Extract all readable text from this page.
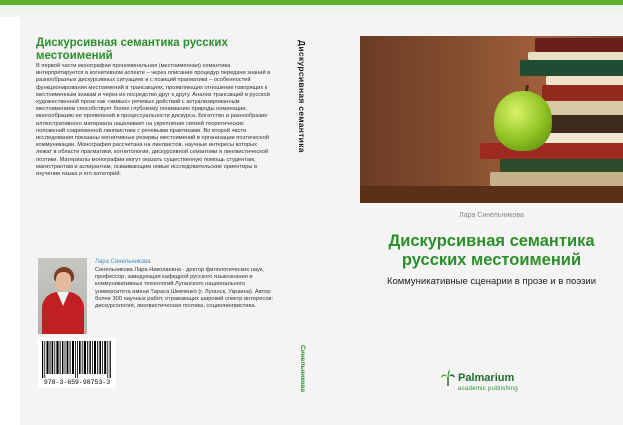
Дискурсивная семантика русских местоимений
В первой части монографии прономинальная (местоименная) семантика интерпретируется в когнитивном аспекте – через описание процедур передачи знаний в разнообразных дискурсивных ситуациях и с позиций прагматики – особенностей функционирования местоимений в трансакциях, проявляющих отношение говорящих к местоименным знакам и через их посредство друг к другу. Анализ трансакций в русской художественной прозе как «живых» речевых действий с актуализированным местоимением способствует более глубокому пониманию природы номинации, многообразию ее проявлений в процессуальности дискурса. Богатство и разнообразие иллюстративного материала нацеливает на укрепление связей теоретических положений современной лингвистики с речевыми практиками. Во второй части исследования показаны когнитивные резервы местоимений в организации поэтической коммуникации. Монография рассчитана на лингвистов, научные интересы которых лежат в области прагматики, когнитологии, дискурсивной семантики и лингвистической поэтики. Материалы монографии могут оказать существенную помощь студентам, магистрантам и аспирантам, осваивающим новые исследовательские ориентиры в изучении языка и его категорий.
Лара Синельникова
Синельникова Лара Николаевна - доктор филологических наук, профессор, заведующая кафедрой русского языкознания и коммуникативных технологий Луганского национального университета имени Тараса Шевченко (г. Луганск, Украина). Автор более 300 научных работ, отражающих широкий спектр интересов: дискурсология, лингвистическая поэтика, социолингвистика.
978-3-659-98753-3
Дискурсивная семантика
Синельникова
Лара Синельникова
Дискурсивная семантика русских местоимений
Коммуникативные сценарии в прозе и в поэзии
Palmarium
academic publishing
